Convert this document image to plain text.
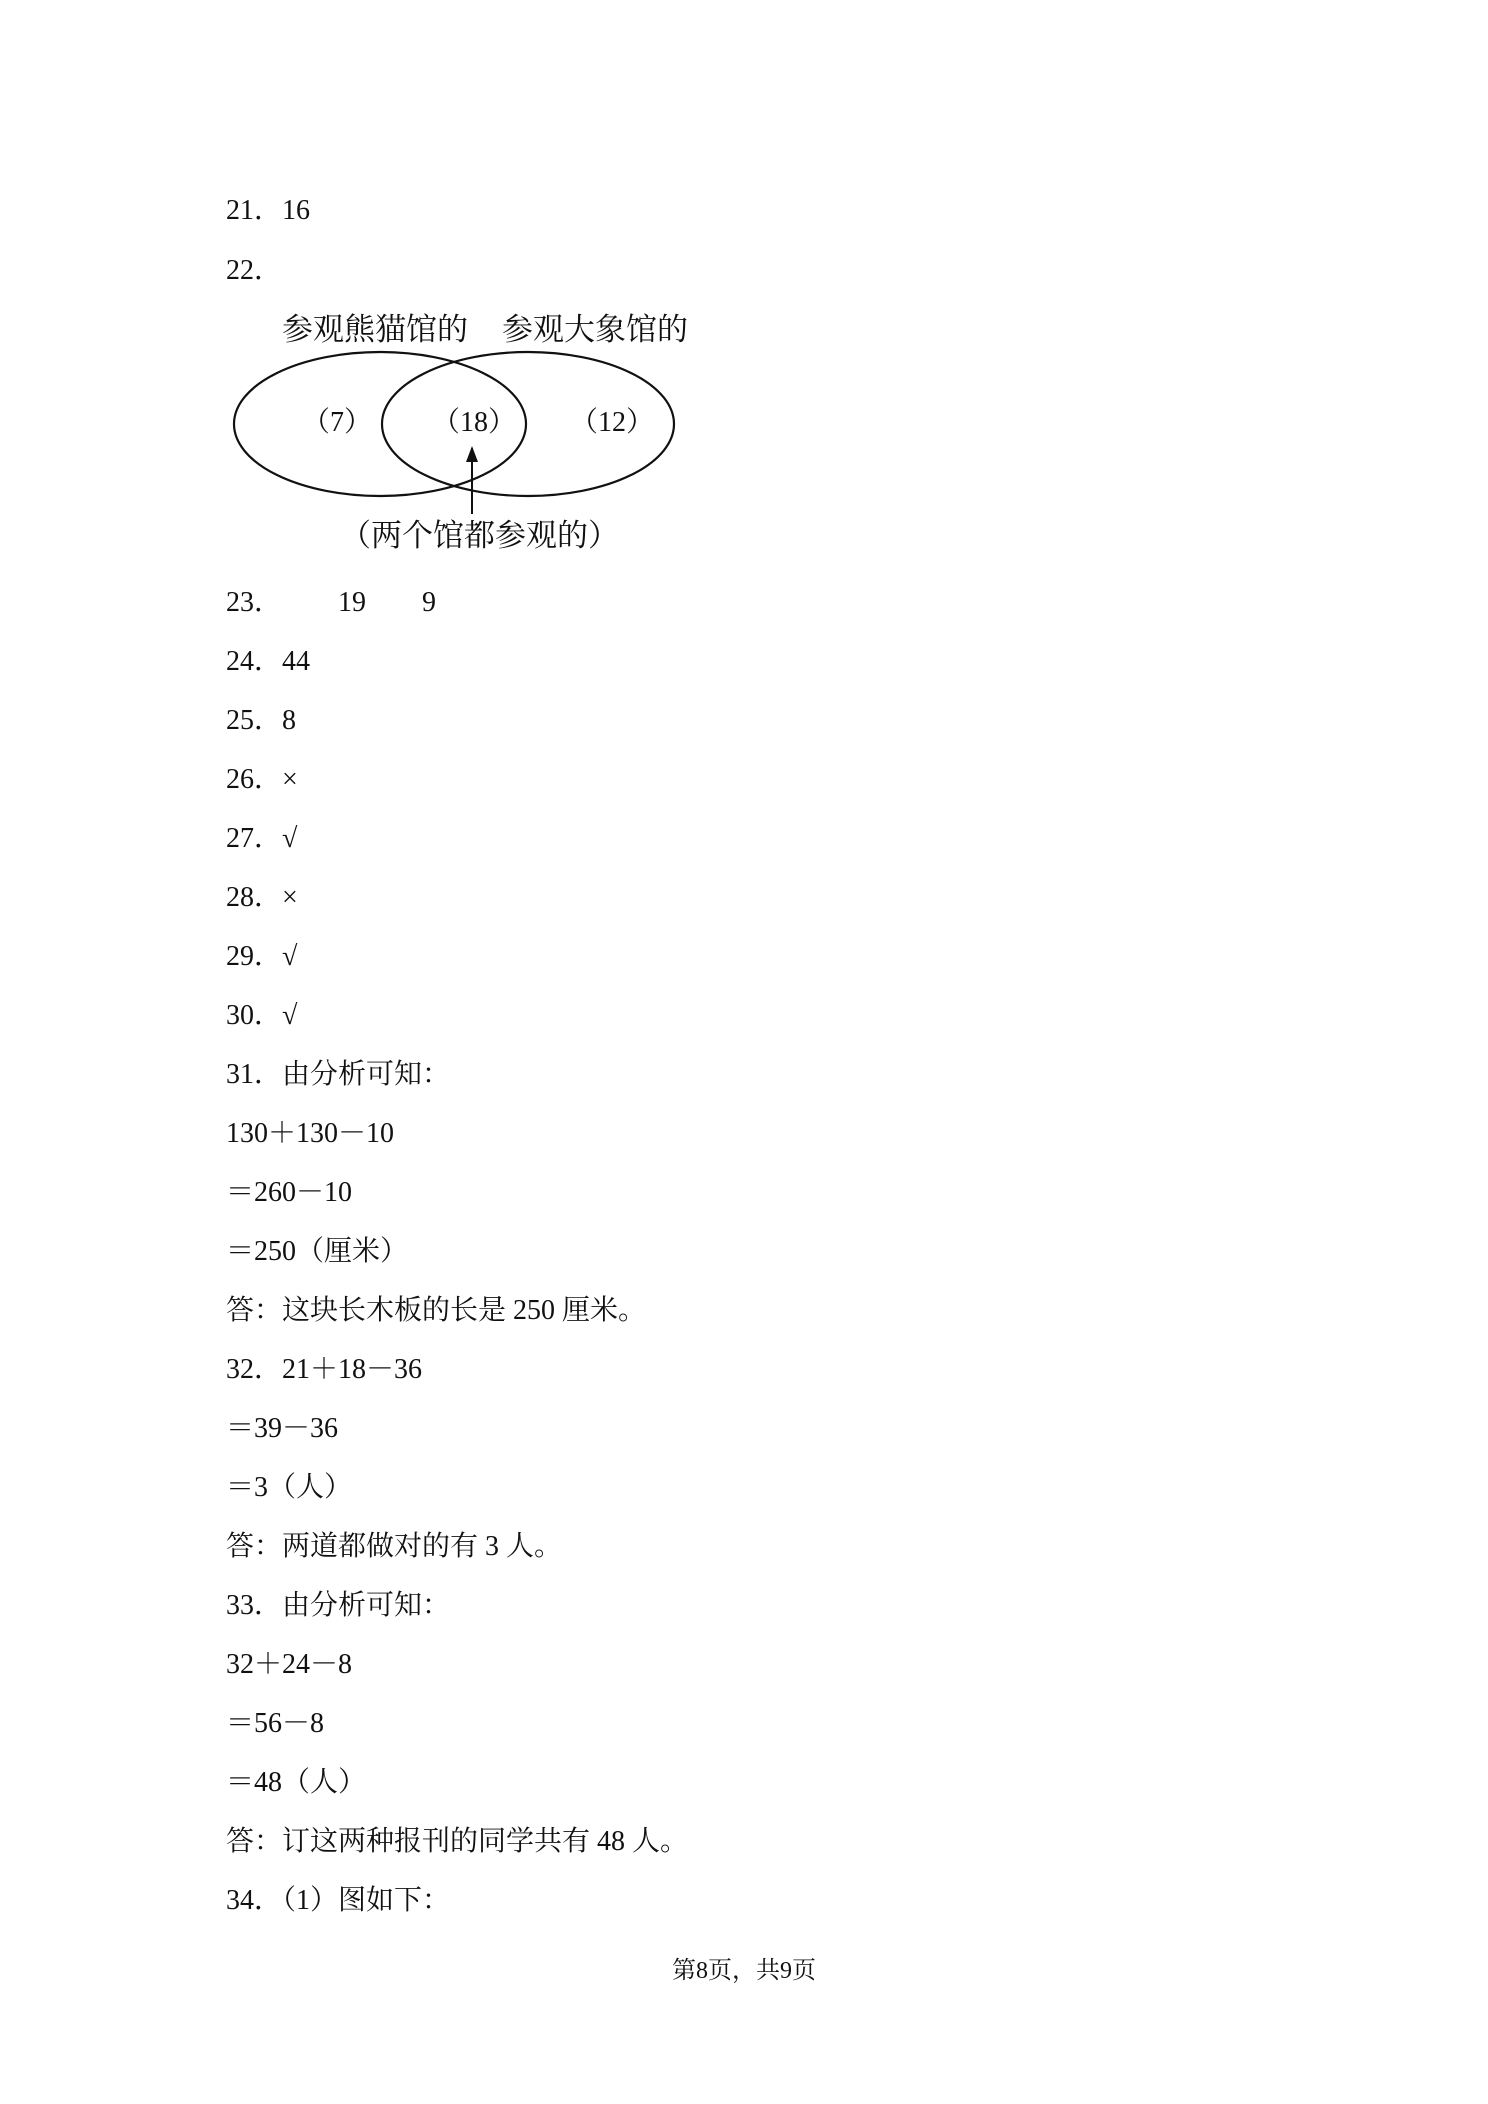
21．16
22．
参观熊猫馆的 参观大象馆的
（7） （18） （12）
（两个馆都参观的）
23．        19        9
24．44
25．8
26．×
27．√
28．×
29．√
30．√
31．由分析可知：
130＋130－10
＝260－10
＝250（厘米）
答：这块长木板的长是 250 厘米。
32．21＋18－36
＝39－36
＝3（人）
答：两道都做对的有 3 人。
33．由分析可知：
32＋24－8
＝56－8
＝48（人）
答：订这两种报刊的同学共有 48 人。
34．（1）图如下：
第8页，共9页
